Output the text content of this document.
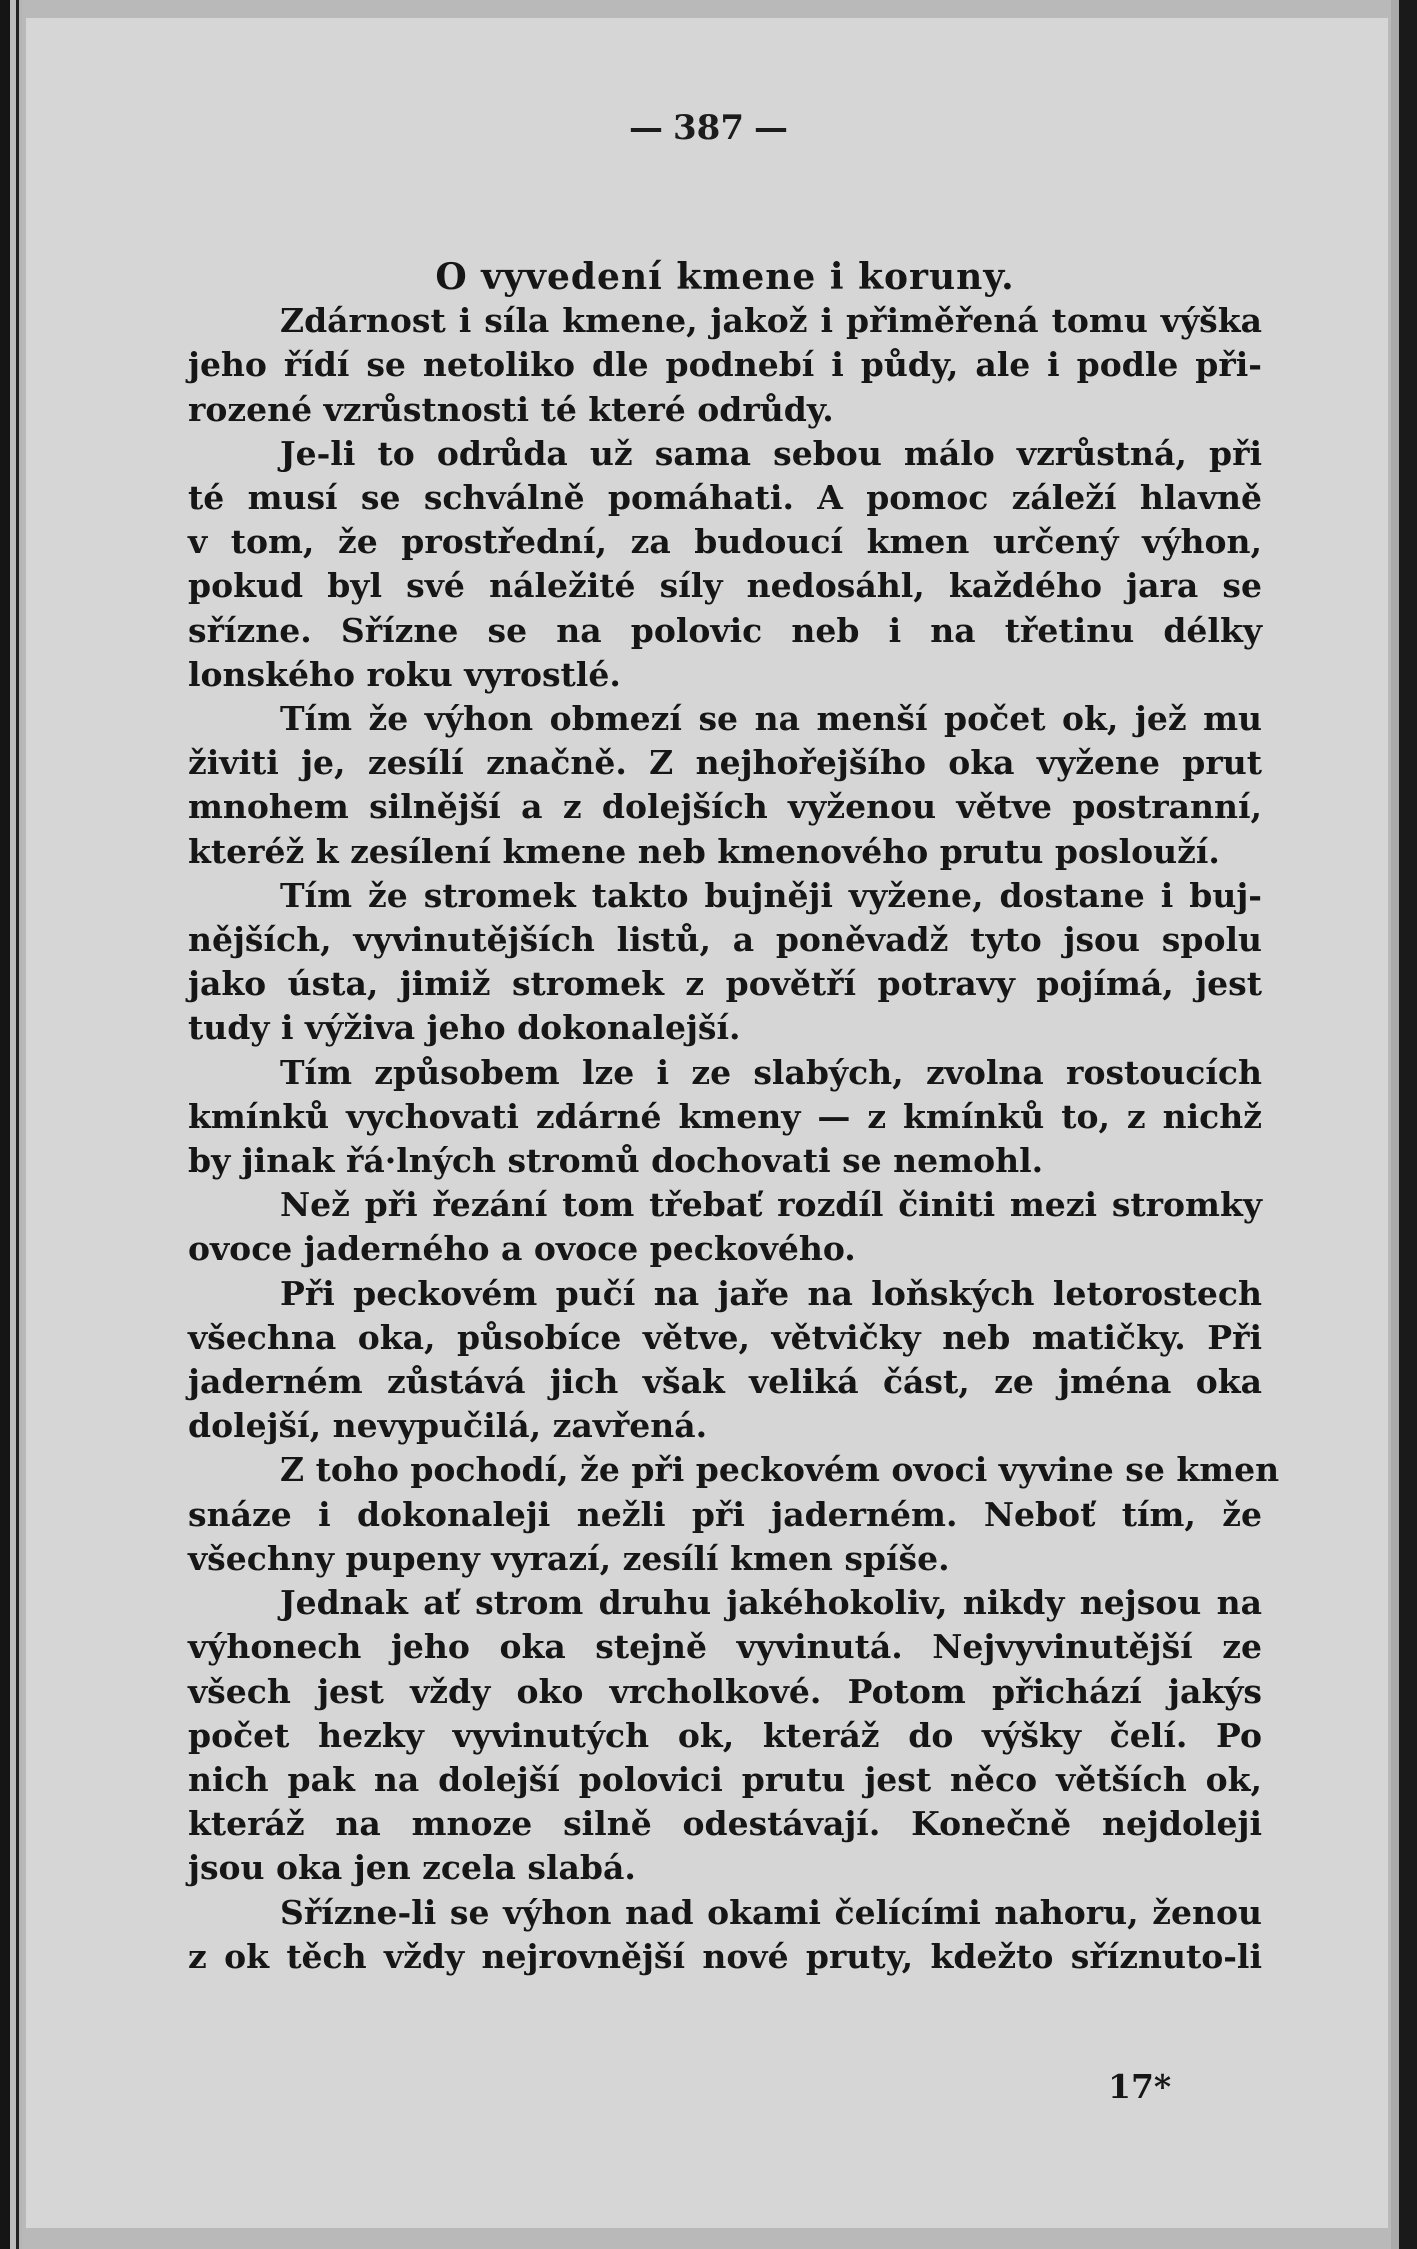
— 387 —
O vyvedení kmene i koruny.

Zdárnost i síla kmene, jakož i přiměřená tomu výška
jeho řídí se netoliko dle podnebí i půdy, ale i podle při-
rozené vzrůstnosti té které odrůdy.

Je-li to odrůda už sama sebou málo vzrůstná, při
té musí se schválně pomáhati. A pomoc záleží hlavně
v tom, že prostřední, za budoucí kmen určený výhon,
pokud byl své náležité síly nedosáhl, každého jara se
sřízne. Sřízne se na polovic neb i na třetinu délky
lonského roku vyrostlé.

Tím že výhon obmezí se na menší počet ok, jež mu
živiti je, zesílí značně. Z nejhořejšího oka vyžene prut
mnohem silnější a z dolejších vyženou větve postranní,
kteréž k zesílení kmene neb kmenového prutu poslouží.

Tím že stromek takto bujněji vyžene, dostane i buj-
nějších, vyvinutějších listů, a poněvadž tyto jsou spolu
jako ústa, jimiž stromek z povětří potravy pojímá, jest
tudy i výživa jeho dokonalejší.

Tím způsobem lze i ze slabých, zvolna rostoucích
kmínků vychovati zdárné kmeny — z kmínků to, z nichž
by jinak řá·lných stromů dochovati se nemohl.

Než při řezání tom třebať rozdíl činiti mezi stromky
ovoce jaderného a ovoce peckového.

Při peckovém pučí na jaře na loňských letorostech
všechna oka, působíce větve, větvičky neb matičky. Při
jaderném zůstává jich však veliká část, ze jména oka
dolejší, nevypučilá, zavřená.

Z toho pochodí, že při peckovém ovoci vyvine se kmen
snáze i dokonaleji nežli při jaderném. Neboť tím, že
všechny pupeny vyrazí, zesílí kmen spíše.

Jednak ať strom druhu jakéhokoliv, nikdy nejsou na
výhonech jeho oka stejně vyvinutá. Nejvyvinutější ze
všech jest vždy oko vrcholkové. Potom přichází jakýs
počet hezky vyvinutých ok, kteráž do výšky čelí. Po
nich pak na dolejší polovici prutu jest něco větších ok,
kteráž na mnoze silně odestávají. Konečně nejdoleji
jsou oka jen zcela slabá.

Sřízne-li se výhon nad okami čelícími nahoru, ženou
z ok těch vždy nejrovnější nové pruty, kdežto sříznuto-li

17*
